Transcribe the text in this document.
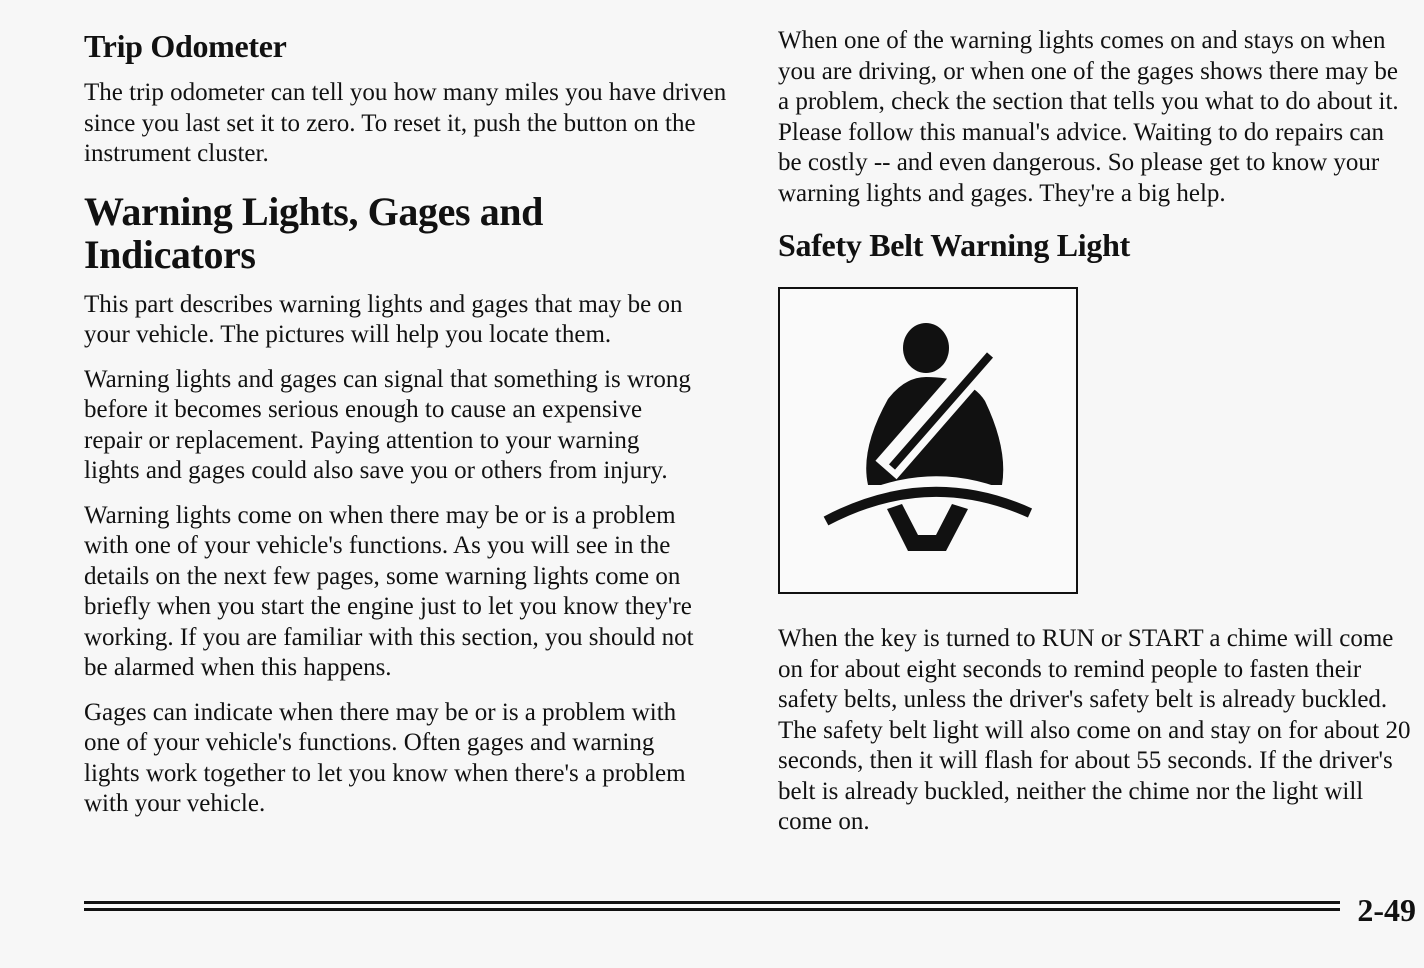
Trip Odometer

The trip odometer can tell you how many miles you have driven since you last set it to zero. To reset it, push the button on the instrument cluster.

Warning Lights, Gages and Indicators

This part describes warning lights and gages that may be on your vehicle. The pictures will help you locate them.

Warning lights and gages can signal that something is wrong before it becomes serious enough to cause an expensive repair or replacement. Paying attention to your warning lights and gages could also save you or others from injury.

Warning lights come on when there may be or is a problem with one of your vehicle's functions. As you will see in the details on the next few pages, some warning lights come on briefly when you start the engine just to let you know they're working. If you are familiar with this section, you should not be alarmed when this happens.

Gages can indicate when there may be or is a problem with one of your vehicle's functions. Often gages and warning lights work together to let you know when there's a problem with your vehicle.

When one of the warning lights comes on and stays on when you are driving, or when one of the gages shows there may be a problem, check the section that tells you what to do about it. Please follow this manual's advice. Waiting to do repairs can be costly -- and even dangerous. So please get to know your warning lights and gages. They're a big help.

Safety Belt Warning Light

When the key is turned to RUN or START a chime will come on for about eight seconds to remind people to fasten their safety belts, unless the driver's safety belt is already buckled. The safety belt light will also come on and stay on for about 20 seconds, then it will flash for about 55 seconds. If the driver's belt is already buckled, neither the chime nor the light will come on.

2-49
